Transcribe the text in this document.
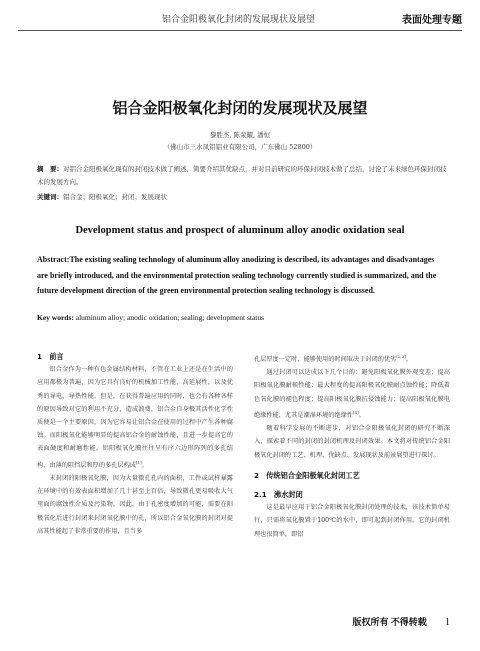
铝合金阳极氧化封闭的发展现状及展望	表面处理专题
铝合金阳极氧化封闭的发展现状及展望
黎胜杰, 陈荣耀, 潘恒
（佛山市三水凤铝铝业有限公司，广东佛山 52800）
摘　要：对铝合金阳极氧化现有的封闭技术做了阐述，简要介绍其优缺点，并对目前研究的环保封闭技术做了总结，讨论了未来绿色环保封闭技术的发展方向。
关键词：铝合金；阳极氧化；封闭；发展现状
Development status and prospect of aluminum alloy anodic oxidation seal
Abstract:The existing sealing technology of aluminum alloy anodizing is described, its advantages and disadvantages are briefly introduced, and the environmental protection sealing technology currently studied is summarized, and the future development direction of the green environmental protection sealing technology is discussed.
Key words: aluminum alloy; anodic oxidation; sealing; development status
1　前言
铝合金作为一种有色金属结构材料，不管在工业上还是在生活中的应用都极为普遍，因为它具有良好的机械加工性能，高延展性，以及优秀的导电、导热性能。但是，在获得普遍应用的同时，也会有各种各样的原因导致对它的利用不充分，造成浪费，铝合金自身极其活性化学性质便是一个主要原因，因为它容易让铝合金在使用的过程中产生各种腐蚀。而阳极氧化能够明显的提高铝合金的耐蚀性能，且进一步提高它的表面硬度和耐磨性能。铝阳极氧化膜往往呈有序六边形阵列的多孔结构，由薄的阻挡层和厚的多孔层构成[1]。
未封闭的阳极氧化膜，因为大量微孔孔内的面积，工件或试样暴露在环境中的有效表面积增加了几十甚至上百倍，导致微孔更易吸收大气里面的腐蚀性介质及污染物。因此，由于孔密度增加的可能，需要在阳极氧化后进行封闭来封闭氧化膜中的孔，所以铝合金氧化膜的封闭对提高其性能起了非常重要的作用，且当多
孔层厚度一定时，能够使用的时间取决于封闭的优劣[2,3]。
通过封闭可以达成以下几个目的：避免阳极氧化膜外观变差；提高阳极氧化膜耐候性能；最大程度的提高阳极氧化膜耐点蚀性能；降低着色氧化膜的褪色程度；提高阳极氧化膜抗侵蚀能力；提高阳极氧化膜电绝缘性能，尤其是潮湿环境的绝缘性[4]。
随着科学发展的不断进步，对铝合金阳极氧化封闭的研究不断深入，探索着不同的封闭的封闭机理及封闭效果。本文将对传统铝合金阳极氧化封闭的工艺、机理、优缺点、发展现状及前景展望进行探讨。
2　传统铝合金阳极氧化封闭工艺
2.1　沸水封闭
这是最早应用于铝合金阳极氧化膜封闭处理的技术，该技术简单易行，只需将氧化膜置于100℃的水中，即可起到封闭作用。它的封闭机理也很简单，即铝
版权所有 不得转载 1
